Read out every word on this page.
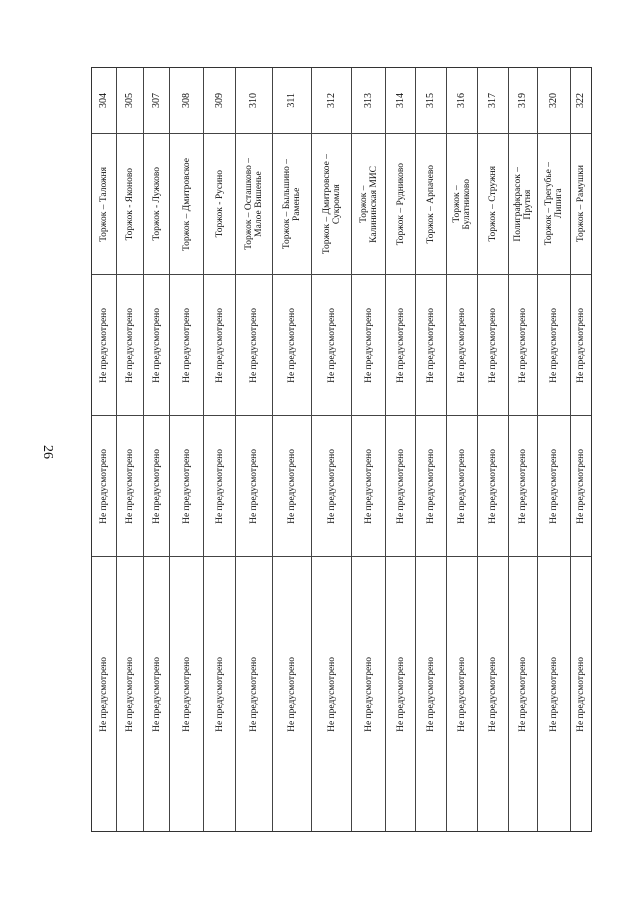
26
304
Торжок – Таложня
Не предусмотрено
Не предусмотрено
Не предусмотрено
305
Торжок - Яконово
Не предусмотрено
Не предусмотрено
Не предусмотрено
307
Торжок - Лужково
Не предусмотрено
Не предусмотрено
Не предусмотрено
308
Торжок – Дмитровское
Не предусмотрено
Не предусмотрено
Не предусмотрено
309
Торжок - Русино
Не предусмотрено
Не предусмотрено
Не предусмотрено
310
Торжок – Осташково –
Малое Вишенье
Не предусмотрено
Не предусмотрено
Не предусмотрено
311
Торжок – Быльшино –
Раменье
Не предусмотрено
Не предусмотрено
Не предусмотрено
312
Торжок – Дмитровское –
Сукромля
Не предусмотрено
Не предусмотрено
Не предусмотрено
313
Торжок –
Калининская МИС
Не предусмотрено
Не предусмотрено
Не предусмотрено
314
Торжок – Рудниково
Не предусмотрено
Не предусмотрено
Не предусмотрено
315
Торжок – Арпачево
Не предусмотрено
Не предусмотрено
Не предусмотрено
316
Торжок –
Булатниково
Не предусмотрено
Не предусмотрено
Не предусмотрено
317
Торжок – Стружня
Не предусмотрено
Не предусмотрено
Не предусмотрено
319
Полиграфкрасок –
Прутня
Не предусмотрено
Не предусмотрено
Не предусмотрено
320
Торжок – Трегубье –
Липига
Не предусмотрено
Не предусмотрено
Не предусмотрено
322
Торжок – Рамушки
Не предусмотрено
Не предусмотрено
Не предусмотрено
